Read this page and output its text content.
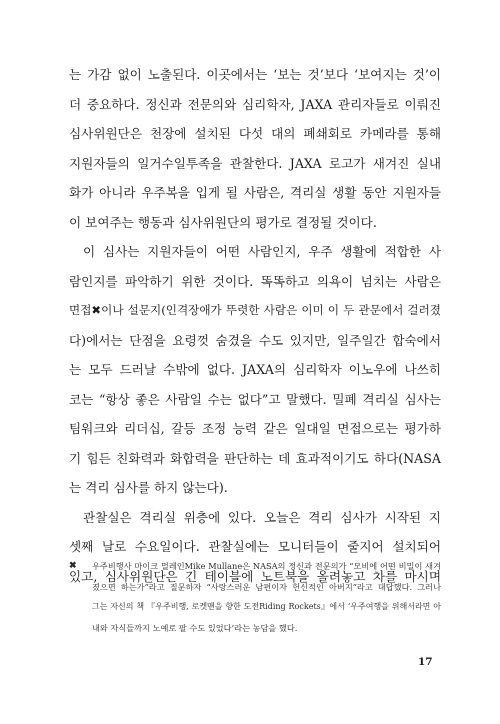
는 가감 없이 노출된다. 이곳에서는 ‘보는 것’보다 ‘보여지는 것’이
더 중요하다. 정신과 전문의와 심리학자, JAXA 관리자들로 이뤄진
심사위원단은 천장에 설치된 다섯 대의 폐쇄회로 카메라를 통해
지원자들의 일거수일투족을 관찰한다. JAXA 로고가 새겨진 실내
화가 아니라 우주복을 입게 될 사람은, 격리실 생활 동안 지원자들
이 보여주는 행동과 심사위원단의 평가로 결정될 것이다.

이 심사는 지원자들이 어떤 사람인지, 우주 생활에 적합한 사
람인지를 파악하기 위한 것이다. 똑똑하고 의욕이 넘치는 사람은
면접✖이나 설문지(인격장애가 뚜렷한 사람은 이미 이 두 관문에서 걸러졌
다)에서는 단점을 요령껏 숨겼을 수도 있지만, 일주일간 합숙에서
는 모두 드러날 수밖에 없다. JAXA의 심리학자 이노우에 나쓰히
코는 “항상 좋은 사람일 수는 없다”고 말했다. 밀폐 격리실 심사는
팀워크와 리더십, 갈등 조정 능력 같은 일대일 면접으로는 평가하
기 힘든 친화력과 화합력을 판단하는 데 효과적이기도 하다(NASA
는 격리 심사를 하지 않는다).

관찰실은 격리실 위층에 있다. 오늘은 격리 심사가 시작된 지
셋째 날로 수요일이다. 관찰실에는 모니터들이 줄지어 설치되어
있고, 심사위원단은 긴 테이블에 노트북을 올려놓고 차를 마시며

✖ 우주비행사 마이크 멀레인Mike Mullane은 NASA의 정신과 전문의가 “모비에 어떤 비밀이 새겨
졌으면 하는가”라고 질문하자 “사랑스러운 남편이자 헌신적인 아버지”라고 대답했다. 그러나
그는 자신의 책 『우주비행, 로켓맨을 향한 도전Riding Rockets』에서 ‘우주여행을 위해서라면 아
내와 자식들까지 노예로 팔 수도 있었다’라는 농담을 했다.
17
